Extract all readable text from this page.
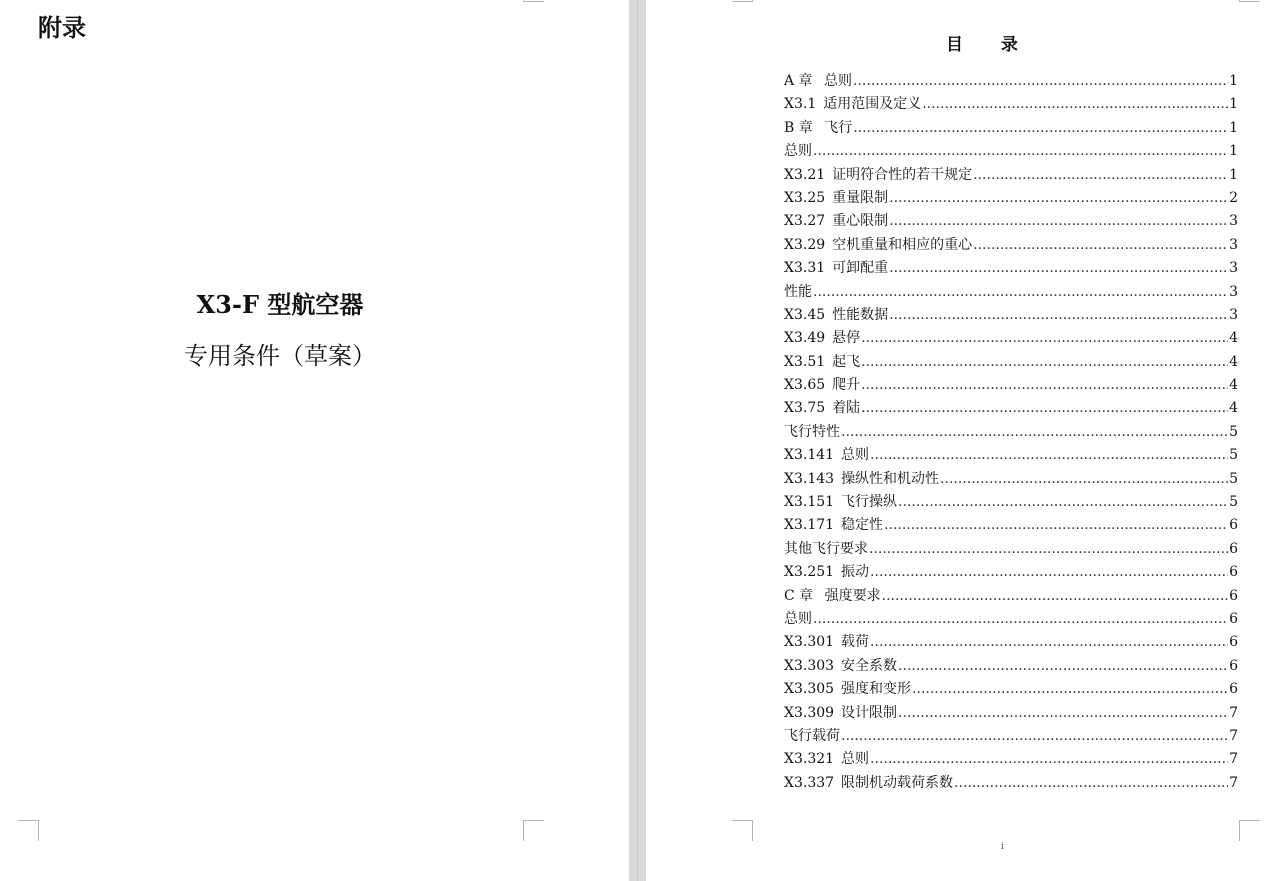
附录
X3-F 型航空器
专用条件（草案）
目 录
A 章 总则 .....	1
X3.1 适用范围及定义 .....	1
B 章 飞行 .....	1
总则 .....	1
X3.21 证明符合性的若干规定 .....	1
X3.25 重量限制 .....	2
X3.27 重心限制 .....	3
X3.29 空机重量和相应的重心 .....	3
X3.31 可卸配重 .....	3
性能 .....	3
X3.45 性能数据 .....	3
X3.49 悬停 .....	4
X3.51 起飞 .....	4
X3.65 爬升 .....	4
X3.75 着陆 .....	4
飞行特性 .....	5
X3.141 总则 .....	5
X3.143 操纵性和机动性 .....	5
X3.151 飞行操纵 .....	5
X3.171 稳定性 .....	6
其他飞行要求 .....	6
X3.251 振动 .....	6
C 章 强度要求 .....	6
总则 .....	6
X3.301 载荷 .....	6
X3.303 安全系数 .....	6
X3.305 强度和变形 .....	6
X3.309 设计限制 .....	7
飞行载荷 .....	7
X3.321 总则 .....	7
X3.337 限制机动载荷系数 .....	7
i
